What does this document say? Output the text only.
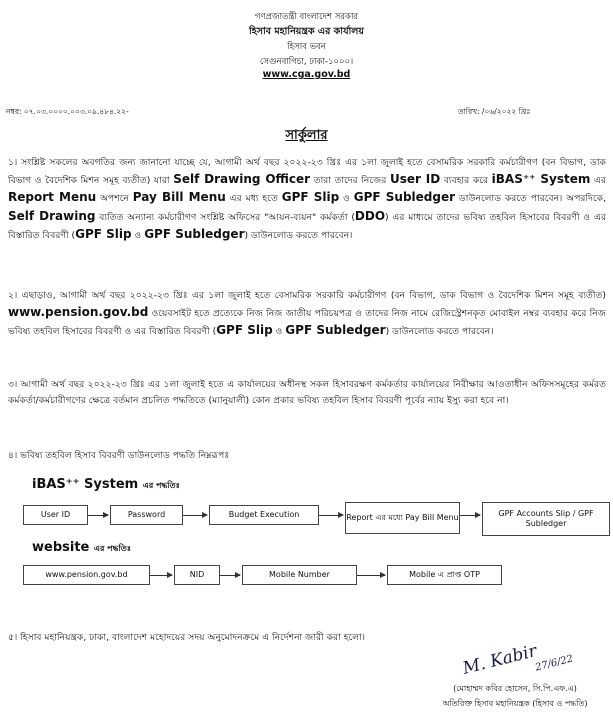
গণপ্রজাতন্ত্রী বাংলাদেশ সরকার
হিসাব মহানিয়ন্ত্রক এর কার্যালয়
হিসাব ভবন
সেগুনবাগিচা, ঢাকা-১০০০।
www.cga.gov.bd
নম্বর: ০৭.০৩.০০০০.০০৩.০৯.৪৮৪.২২-	তারিখ: /০৬/২০২২ খ্রিঃ
সার্কুলার
১। সংশ্লিষ্ট সকলের অবগতির জন্য জানানো যাচ্ছে যে, আগামী অর্থ বছর ২০২২-২৩ খ্রিঃ এর ১লা জুলাই হতে বেসামরিক সরকারি কর্মচারীগণ (বন বিভাগ, ডাক বিভাগ ও বৈদেশিক মিশন সমূহ ব্যতীত) যারা Self Drawing Officer তারা তাদের নিজের User ID ব্যবহার করে iBAS⁺⁺ System এর Report Menu অপশনে Pay Bill Menu এর মধ্য হতে GPF Slip ও GPF Subledger ডাউনলোড করতে পারবেন। অপরদিকে, Self Drawing ব্যতিত অন্যান্য কর্মচারীগণ সংশ্লিষ্ট অফিসের "আয়ন-ব্যয়ন" কর্মকর্তা (DDO) এর মাধ্যমে তাদের ভবিষ্য তহবিল হিসাবের বিবরণী ও এর বিস্তারিত বিবরণী (GPF Slip ও GPF Subledger) ডাউনলোড করতে পারবেন।
২। এছাড়াও, আগামী অর্থ বছর ২০২২-২৩ খ্রিঃ এর ১লা জুলাই হতে বেসামরিক সরকারি কর্মচারীগণ (বন বিভাগ, ডাক বিভাগ ও বৈদেশিক মিশন সমূহ ব্যতীত) www.pension.gov.bd ওয়েবসাইট হতে প্রত্যেকে নিজ নিজ জাতীয় পরিচয়পত্র ও তাদের নিজ নামে রেজিস্ট্রেশনকৃত মোবাইল নম্বর ব্যবহার করে নিজ ভবিষ্য তহবিল হিসাবের বিবরণী ও এর বিস্তারিত বিবরণী (GPF Slip ও GPF Subledger) ডাউনলোড করতে পারবেন।
৩। আগামী অর্থ বছর ২০২২-২৩ খ্রিঃ এর ১লা জুলাই হতে এ কার্যালয়ের অধীনস্থ সকল হিসাবরক্ষণ কর্মকর্তার কার্যালয়ের নিরীক্ষার আওতাধীন অফিসসমূহের কর্মরত কর্মকর্তা/কর্মচারীগণের ক্ষেত্রে বর্তমান প্রচলিত পদ্ধতিতে (ম্যানুয়ালী) কোন প্রকার ভবিষ্য তহবিল হিসাব বিবরণী পূর্বের ন্যায় ইস্যু করা হবে না।
৪। ভবিষ্য তহবিল হিসাব বিবরণী ডাউনলোড পদ্ধতি নিম্নরূপঃ
iBAS⁺⁺ System এর পদ্ধতিঃ
User ID	Password	Budget Execution	Report এর মধ্যে Pay Bill Menu	GPF Accounts Slip / GPF Subledger
website এর পদ্ধতিঃ
www.pension.gov.bd	NID	Mobile Number	Mobile এ প্রাপ্ত OTP
৫। হিসাব মহানিয়ন্ত্রক, ঢাকা, বাংলাদেশ মহোদয়ের সদয় অনুমোদনক্রমে এ নির্দেশনা জারী করা হলো।
M. Kabir
27/6/22
(মোহাম্মদ কবির হোসেন, সি.পি.এফ.এ)
অতিরিক্ত হিসাব মহানিয়ন্ত্রক (হিসাব ও পদ্ধতি)
